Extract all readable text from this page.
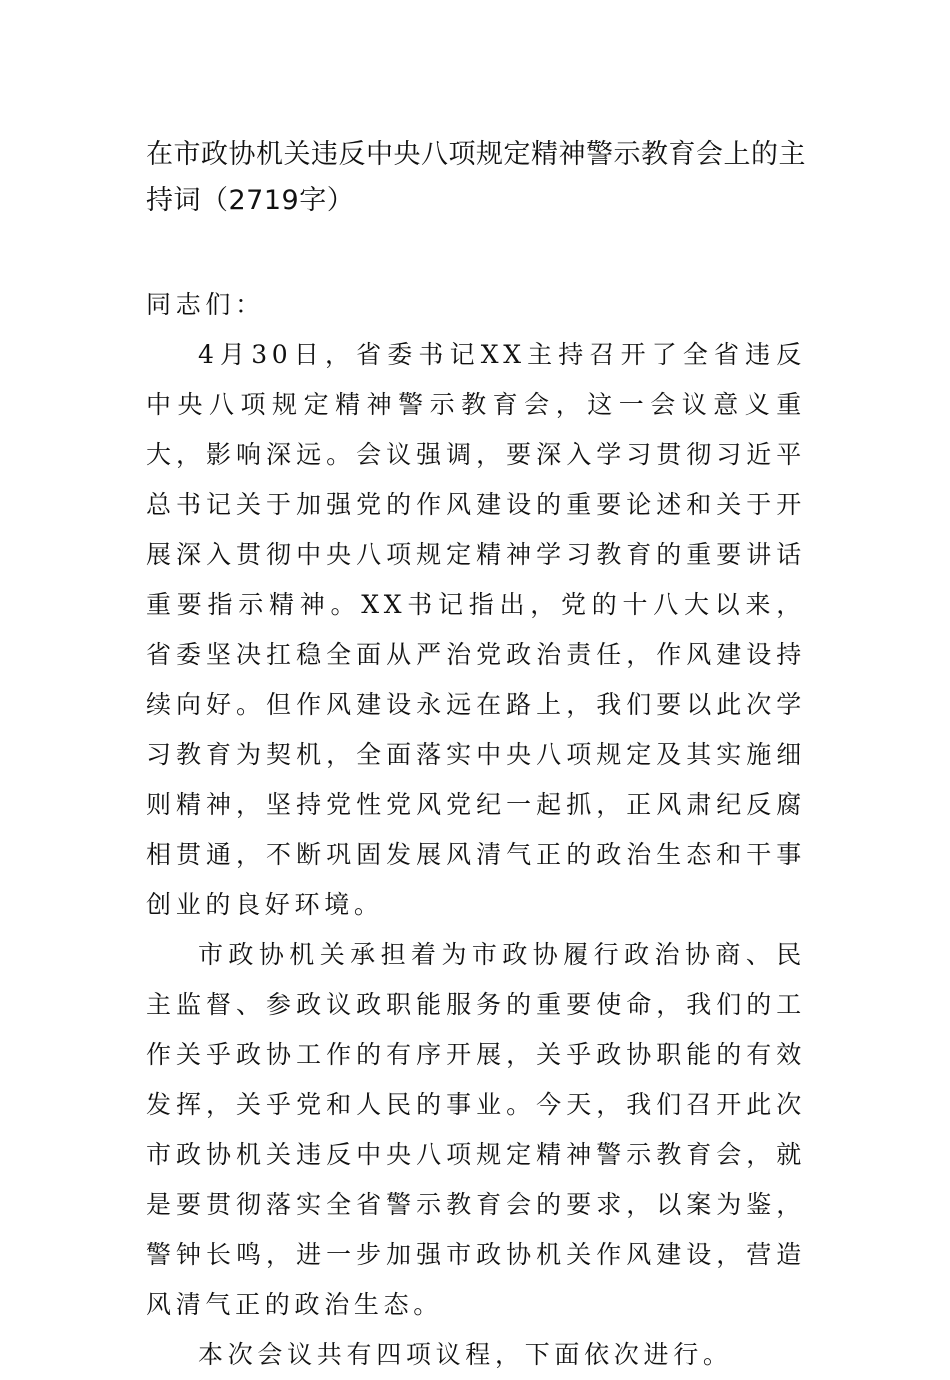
在市政协机关违反中央八项规定精神警示教育会上的主持词（2719字）

同志们：

4月30日，省委书记XX主持召开了全省违反中央八项规定精神警示教育会，这一会议意义重大，影响深远。会议强调，要深入学习贯彻习近平总书记关于加强党的作风建设的重要论述和关于开展深入贯彻中央八项规定精神学习教育的重要讲话重要指示精神。XX书记指出，党的十八大以来，省委坚决扛稳全面从严治党政治责任，作风建设持续向好。但作风建设永远在路上，我们要以此次学习教育为契机，全面落实中央八项规定及其实施细则精神，坚持党性党风党纪一起抓，正风肃纪反腐相贯通，不断巩固发展风清气正的政治生态和干事创业的良好环境。

市政协机关承担着为市政协履行政治协商、民主监督、参政议政职能服务的重要使命，我们的工作关乎政协工作的有序开展，关乎政协职能的有效发挥，关乎党和人民的事业。今天，我们召开此次市政协机关违反中央八项规定精神警示教育会，就是要贯彻落实全省警示教育会的要求，以案为鉴，警钟长鸣，进一步加强市政协机关作风建设，营造风清气正的政治生态。

本次会议共有四项议程，下面依次进行。
